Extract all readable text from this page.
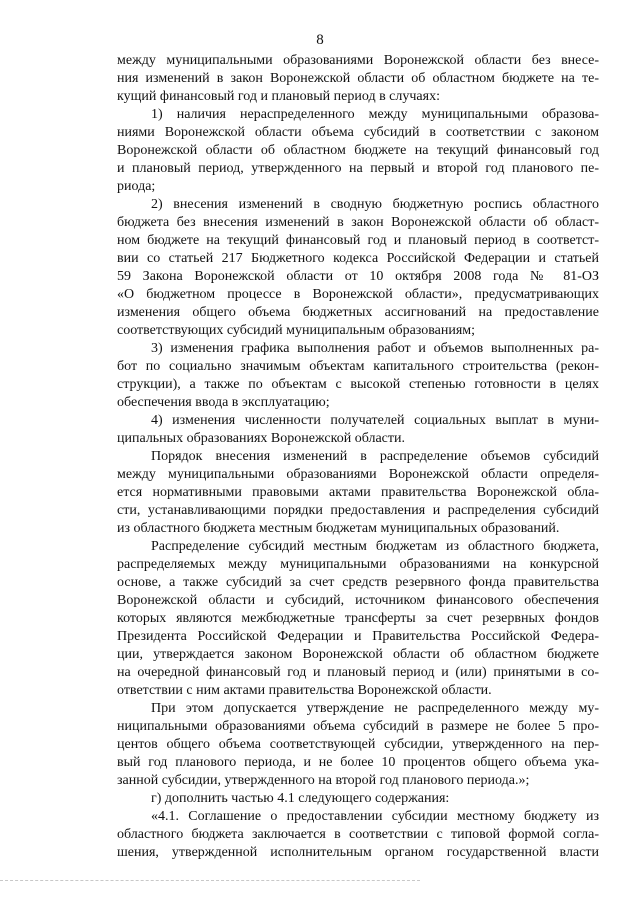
8
между муниципальными образованиями Воронежской области без внесе-
ния изменений в закон Воронежской области об областном бюджете на те-
кущий финансовый год и плановый период в случаях:
1) наличия нераспределенного между муниципальными образова-
ниями Воронежской области объема субсидий в соответствии с законом
Воронежской области об областном бюджете на текущий финансовый год
и плановый период, утвержденного на первый и второй год планового пе-
риода;
2) внесения изменений в сводную бюджетную роспись областного
бюджета без внесения изменений в закон Воронежской области об облаcт-
ном бюджете на текущий финансовый год и плановый период в соответст-
вии со статьей 217 Бюджетного кодекса Российской Федерации и статьей
59 Закона Воронежской области от 10 октября 2008 года № 81-ОЗ
«О бюджетном процессе в Воронежской области», предусматривающих
изменения общего объема бюджетных ассигнований на предоставление
соответствующих субсидий муниципальным образованиям;
3) изменения графика выполнения работ и объемов выполненных ра-
бот по социально значимым объектам капитального строительства (рекон-
струкции), а также по объектам с высокой степенью готовности в целях
обеспечения ввода в эксплуатацию;
4) изменения численности получателей социальных выплат в муни-
ципальных образованиях Воронежской области.
Порядок внесения изменений в распределение объемов субсидий
между муниципальными образованиями Воронежской области определя-
ется нормативными правовыми актами правительства Воронежской обла-
сти, устанавливающими порядки предоставления и распределения субсидий
из областного бюджета местным бюджетам муниципальных образований.
Распределение субсидий местным бюджетам из областного бюджета,
распределяемых между муниципальными образованиями на конкурсной
основе, а также субсидий за счет средств резервного фонда правительства
Воронежской области и субсидий, источником финансового обеспечения
которых являются межбюджетные трансферты за счет резервных фондов
Президента Российской Федерации и Правительства Российской Федера-
ции, утверждается законом Воронежской области об областном бюджете
на очередной финансовый год и плановый период и (или) принятыми в со-
ответствии с ним актами правительства Воронежской области.
При этом допускается утверждение не распределенного между му-
ниципальными образованиями объема субсидий в размере не более 5 про-
центов общего объема соответствующей субсидии, утвержденного на пер-
вый год планового периода, и не более 10 процентов общего объема ука-
занной субсидии, утвержденного на второй год планового периода.»;
г) дополнить частью 4.1 следующего содержания:
«4.1. Соглашение о предоставлении субсидии местному бюджету из
областного бюджета заключается в соответствии с типовой формой согла-
шения, утвержденной исполнительным органом государственной власти
